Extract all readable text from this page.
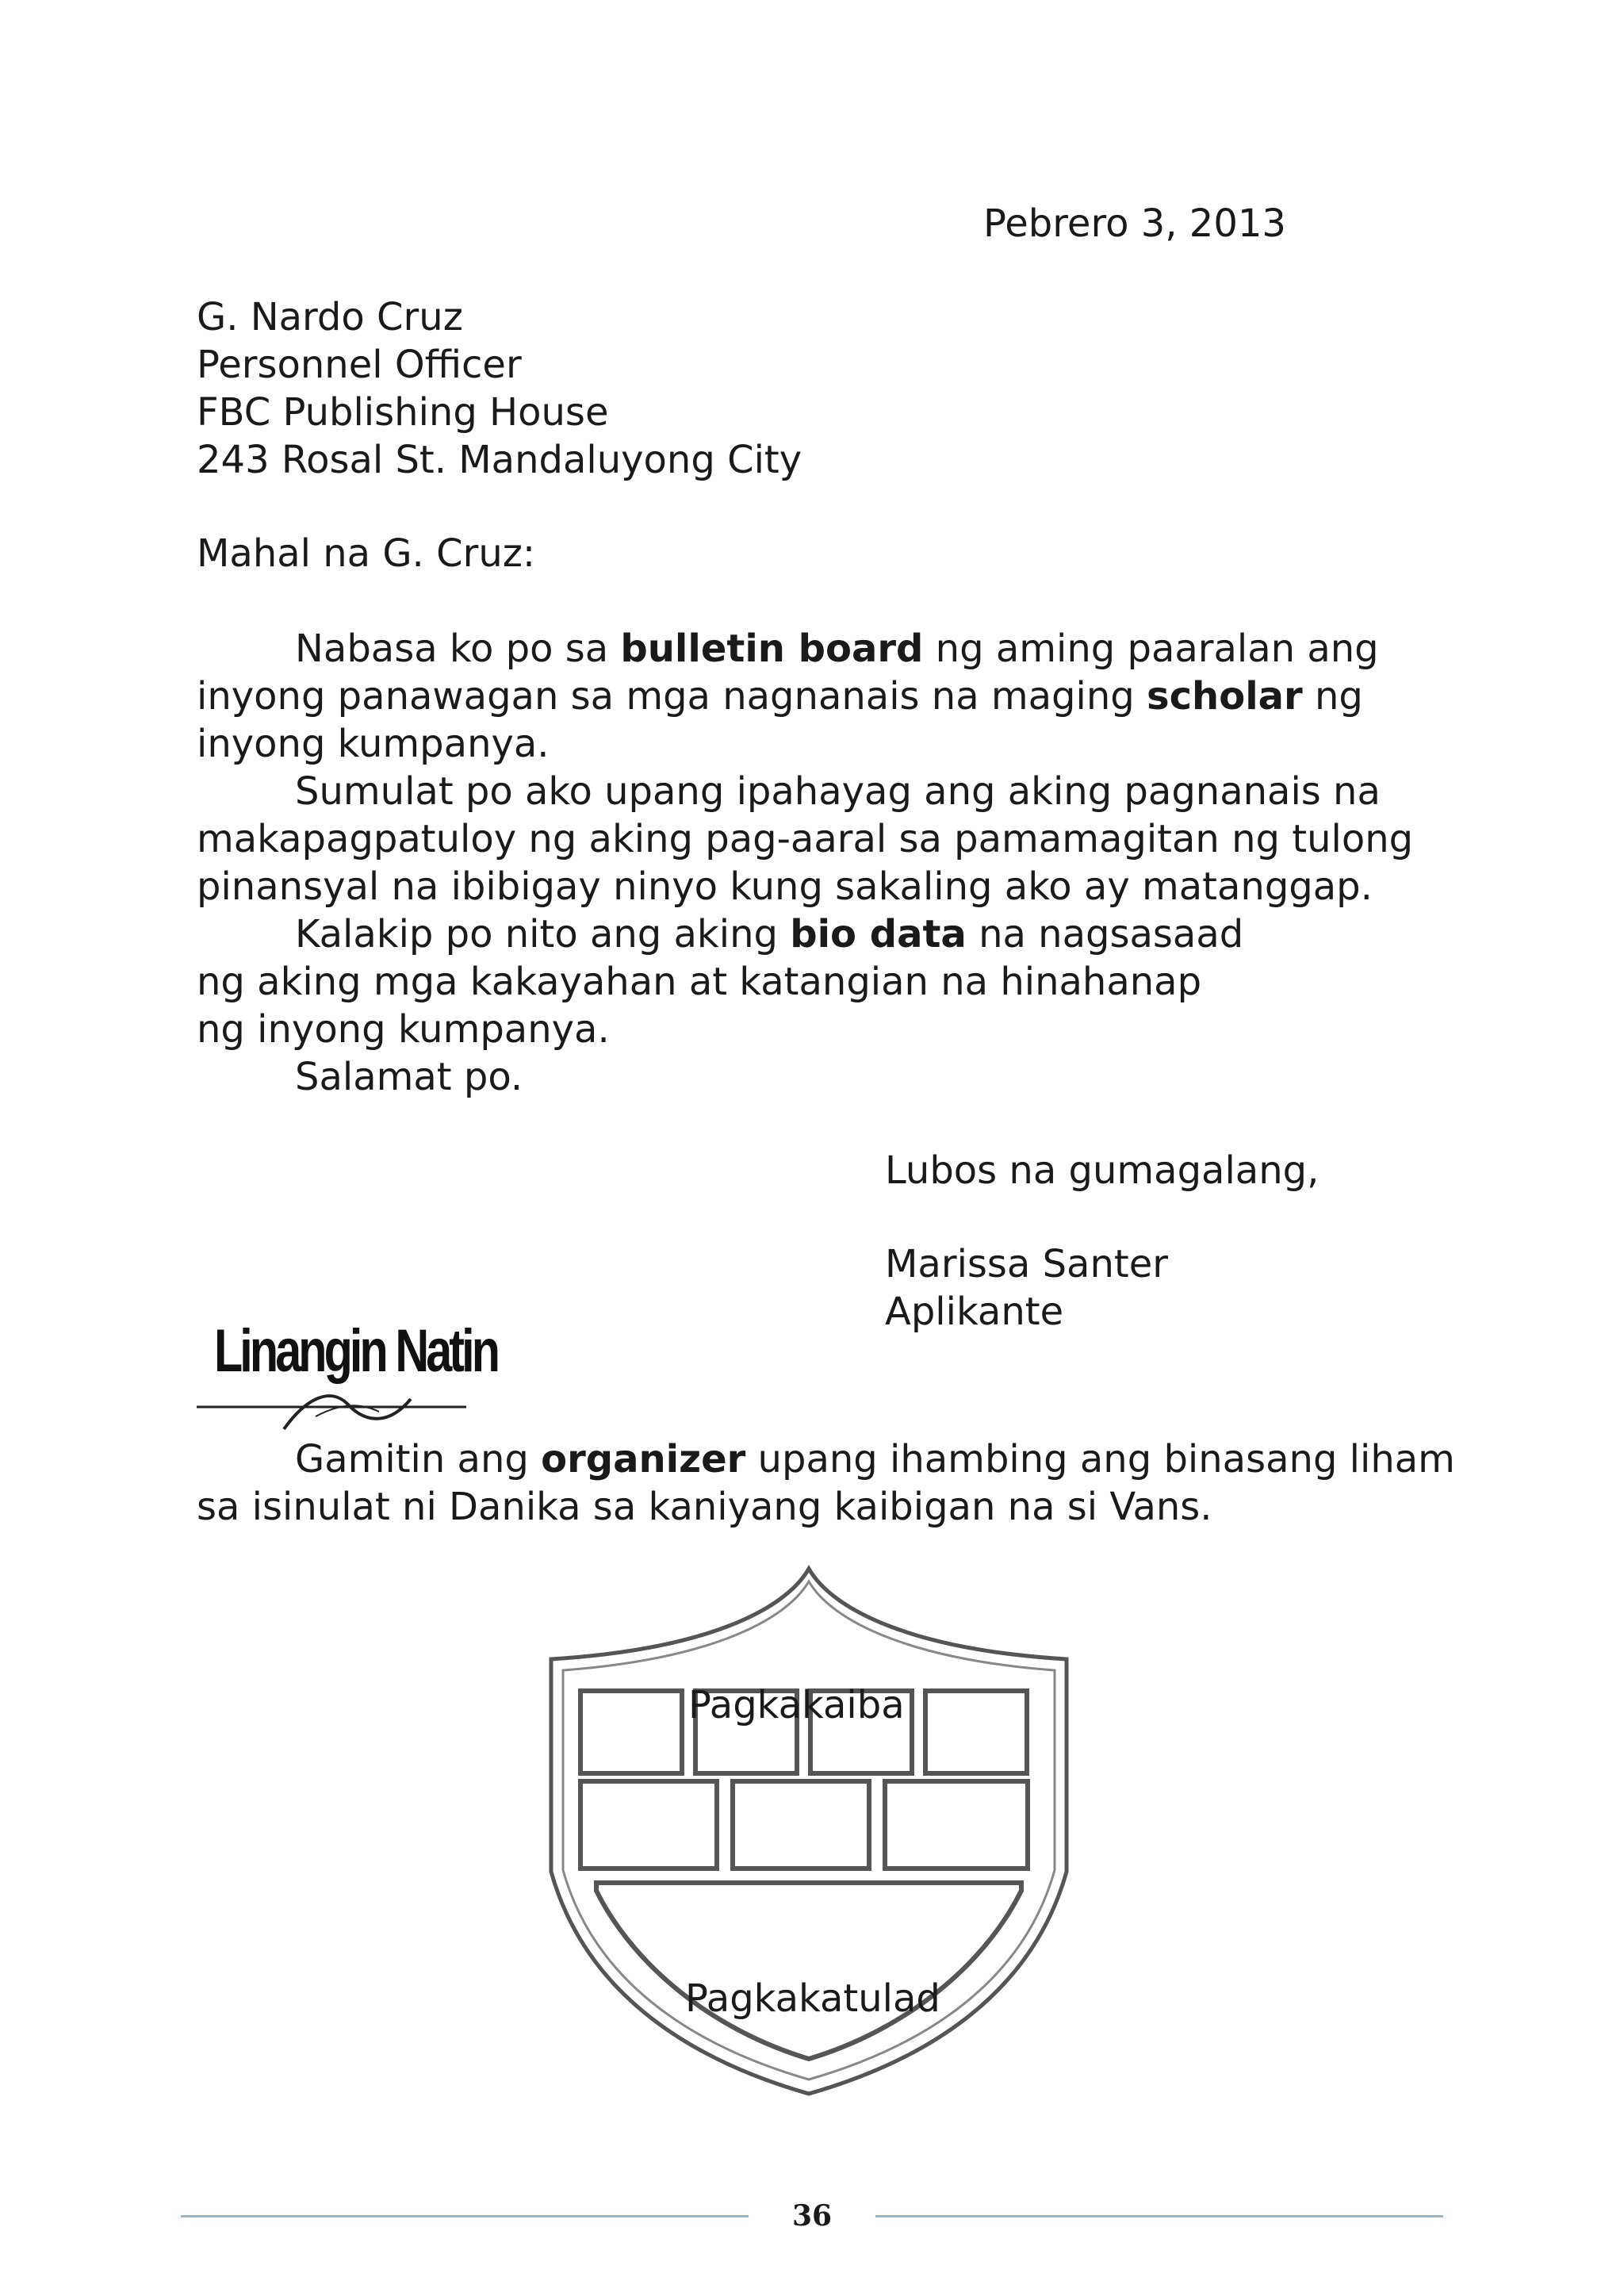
Pebrero 3, 2013
G. Nardo Cruz
Personnel Officer
FBC Publishing House
243 Rosal St. Mandaluyong City
Mahal na G. Cruz:
Nabasa ko po sa bulletin board ng aming paaralan ang
inyong panawagan sa mga nagnanais na maging scholar ng
inyong kumpanya.
Sumulat po ako upang ipahayag ang aking pagnanais na
makapagpatuloy ng aking pag-aaral sa pamamagitan ng tulong
pinansyal na ibibigay ninyo kung sakaling ako ay matanggap.
Kalakip po nito ang aking bio data na nagsasaad
ng aking mga kakayahan at katangian na hinahanap
ng inyong kumpanya.
Salamat po.
Lubos na gumagalang,
Marissa Santer
Aplikante
Linangin Natin
Gamitin ang organizer upang ihambing ang binasang liham
sa isinulat ni Danika sa kaniyang kaibigan na si Vans.
Pagkakaiba
Pagkakatulad
36
